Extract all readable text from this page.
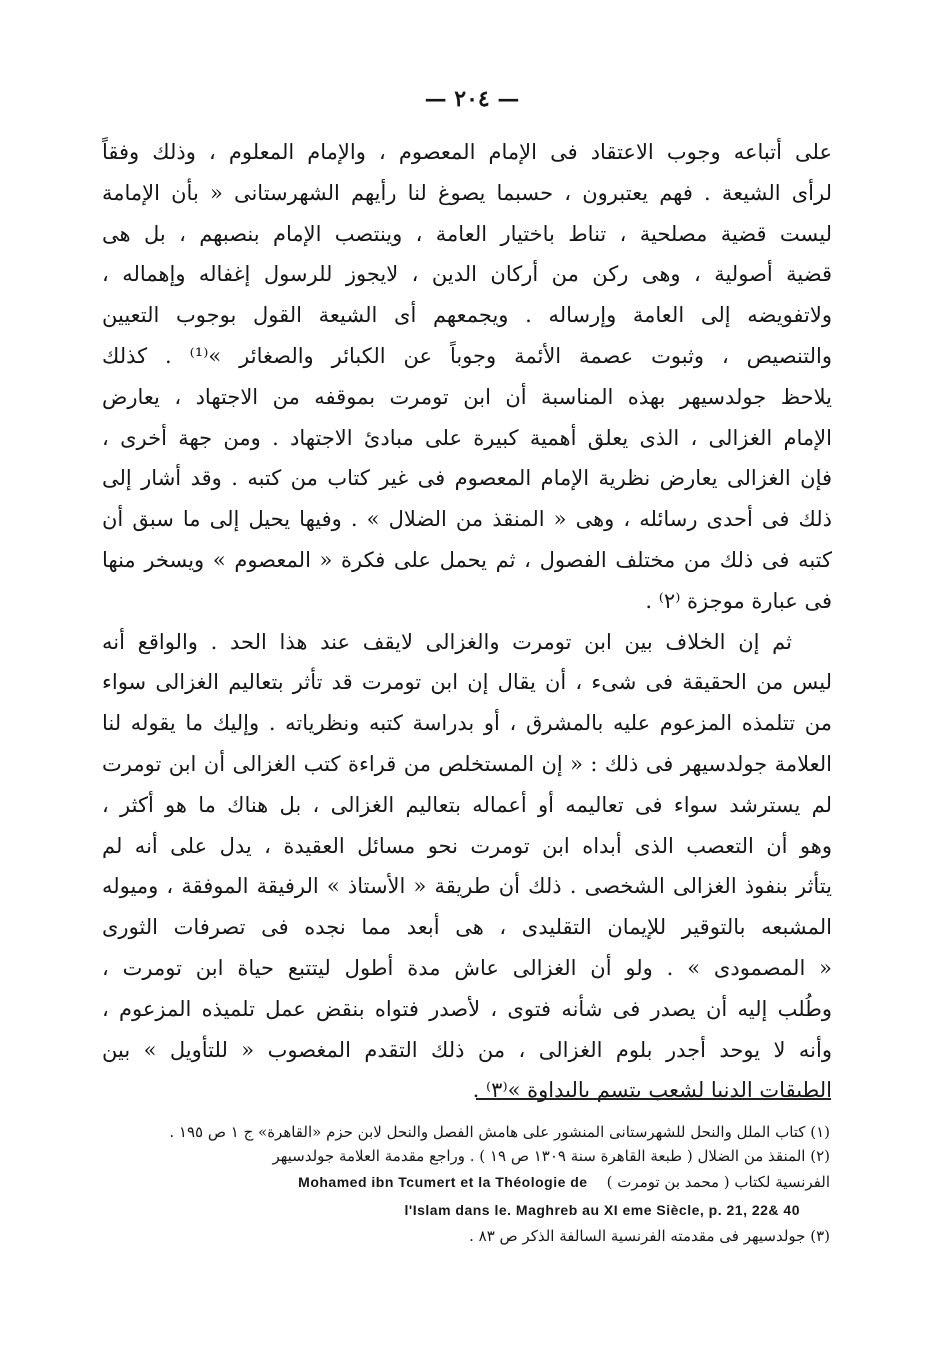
— ٢٠٤ —
على أتباعه وجوب الاعتقاد فى الإمام المعصوم ، والإمام المعلوم ، وذلك وفقاً
لرأى الشيعة . فهم يعتبرون ، حسبما يصوغ لنا رأيهم الشهرستانى « بأن الإمامة
ليست قضية مصلحية ، تناط باختيار العامة ، وينتصب الإمام بنصبهم ، بل هى
قضية أصولية ، وهى ركن من أركان الدين ، لايجوز للرسول إغفاله وإهماله ،
ولاتفويضه إلى العامة وإرساله . ويجمعهم أى الشيعة القول بوجوب التعيين
والتنصيص ، وثبوت عصمة الأئمة وجوباً عن الكبائر والصغائر »⁽¹⁾ . كذلك
يلاحظ جولدسيهر بهذه المناسبة أن ابن تومرت بموقفه من الاجتهاد ، يعارض
الإمام الغزالى ، الذى يعلق أهمية كبيرة على مبادئ الاجتهاد . ومن جهة أخرى ،
فإن الغزالى يعارض نظرية الإمام المعصوم فى غير كتاب من كتبه . وقد أشار إلى
ذلك فى أحدى رسائله ، وهى « المنقذ من الضلال » . وفيها يحيل إلى ما سبق أن
كتبه فى ذلك من مختلف الفصول ، ثم يحمل على فكرة « المعصوم » ويسخر منها
فى عبارة موجزة ⁽٢⁾ .
ثم إن الخلاف بين ابن تومرت والغزالى لايقف عند هذا الحد . والواقع أنه
ليس من الحقيقة فى شىء ، أن يقال إن ابن تومرت قد تأثر بتعاليم الغزالى سواء
من تتلمذه المزعوم عليه بالمشرق ، أو بدراسة كتبه ونظرياته . وإليك ما يقوله لنا
العلامة جولدسيهر فى ذلك : « إن المستخلص من قراءة كتب الغزالى أن ابن تومرت
لم يسترشد سواء فى تعاليمه أو أعماله بتعاليم الغزالى ، بل هناك ما هو أكثر ،
وهو أن التعصب الذى أبداه ابن تومرت نحو مسائل العقيدة ، يدل على أنه لم
يتأثر بنفوذ الغزالى الشخصى . ذلك أن طريقة « الأستاذ » الرفيقة الموفقة ، وميوله
المشبعه بالتوقير للإيمان التقليدى ، هى أبعد مما نجده فى تصرفات الثورى
« المصمودى » . ولو أن الغزالى عاش مدة أطول ليتتبع حياة ابن تومرت ،
وطُلب إليه أن يصدر فى شأنه فتوى ، لأصدر فتواه بنقض عمل تلميذه المزعوم ،
وأنه لا يوحد أجدر بلوم الغزالى ، من ذلك التقدم المغصوب « للتأويل » بين
الطبقات الدنيا لشعب يتسم بالبداوة »⁽٣⁾ .
(١) كتاب الملل والنحل للشهرستانى المنشور على هامش الفصل والنحل لابن حزم «القاهرة» ج ١ ص ١٩٥ .
(٢) المنقذ من الضلال ( طبعة القاهرة سنة ١٣٠٩ ص ١٩ ) . وراجع مقدمة العلامة جولدسيهر
الفرنسية لكتاب ( محمد بن تومرت )    Mohamed ibn Tcumert et la Théologie de
l'Islam dans le. Maghreb au XI eme Siècle, p. 21, 22& 40
(٣) جولدسيهر فى مقدمته الفرنسية السالفة الذكر ص ٨٣ .
